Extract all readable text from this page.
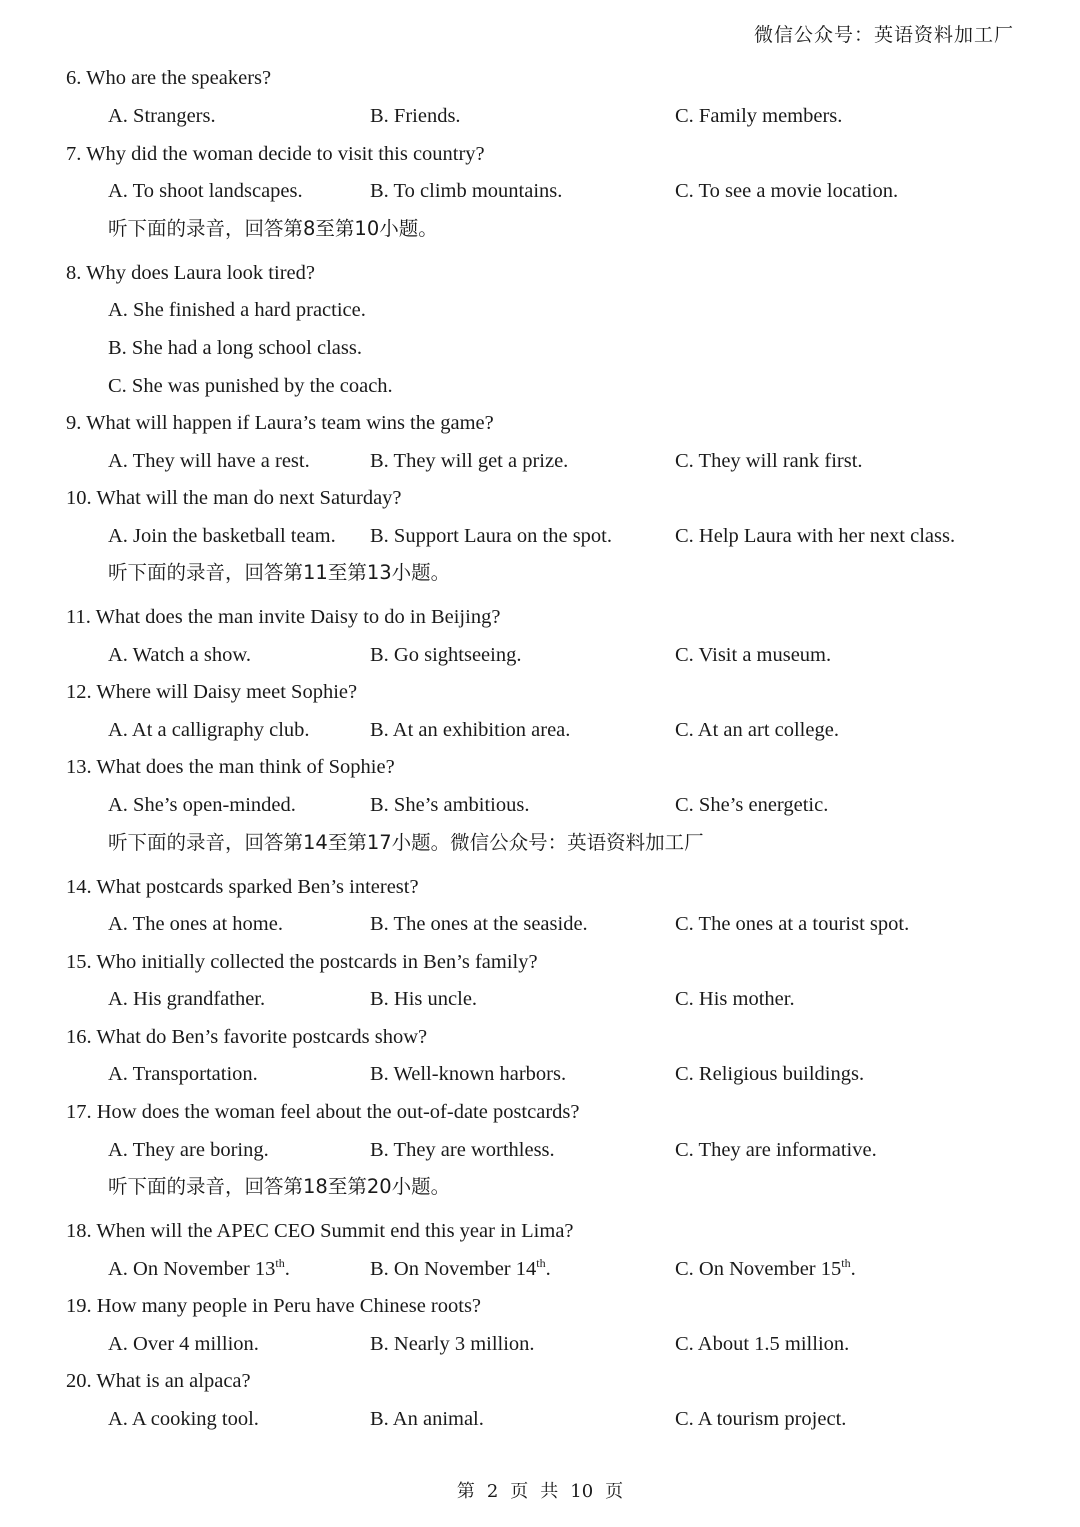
微信公众号：英语资料加工厂
6. Who are the speakers?
A. Strangers.	B. Friends.	C. Family members.
7. Why did the woman decide to visit this country?
A. To shoot landscapes.	B. To climb mountains.	C. To see a movie location.
听下面的录音，回答第8至第10小题。
8. Why does Laura look tired?
A. She finished a hard practice.
B. She had a long school class.
C. She was punished by the coach.
9. What will happen if Laura’s team wins the game?
A. They will have a rest.	B. They will get a prize.	C. They will rank first.
10. What will the man do next Saturday?
A. Join the basketball team. B. Support Laura on the spot.	C. Help Laura with her next class.
听下面的录音，回答第11至第13小题。
11. What does the man invite Daisy to do in Beijing?
A. Watch a show.	B. Go sightseeing.	C. Visit a museum.
12. Where will Daisy meet Sophie?
A. At a calligraphy club.	B. At an exhibition area.	C. At an art college.
13. What does the man think of Sophie?
A. She’s open-minded.	B. She’s ambitious.	C. She’s energetic.
听下面的录音，回答第14至第17小题。微信公众号：英语资料加工厂
14. What postcards sparked Ben’s interest?
A. The ones at home.	B. The ones at the seaside.	C. The ones at a tourist spot.
15. Who initially collected the postcards in Ben’s family?
A. His grandfather.	B. His uncle.	C. His mother.
16. What do Ben’s favorite postcards show?
A. Transportation.	B. Well-known harbors.	C. Religious buildings.
17. How does the woman feel about the out-of-date postcards?
A. They are boring.	B. They are worthless.	C. They are informative.
听下面的录音，回答第18至第20小题。
18. When will the APEC CEO Summit end this year in Lima?
A. On November 13th.	B. On November 14th.	C. On November 15th.
19. How many people in Peru have Chinese roots?
A. Over 4 million.	B. Nearly 3 million.	C. About 1.5 million.
20. What is an alpaca?
A. A cooking tool.	B. An animal.	C. A tourism project.
第 2 页 共 10 页
